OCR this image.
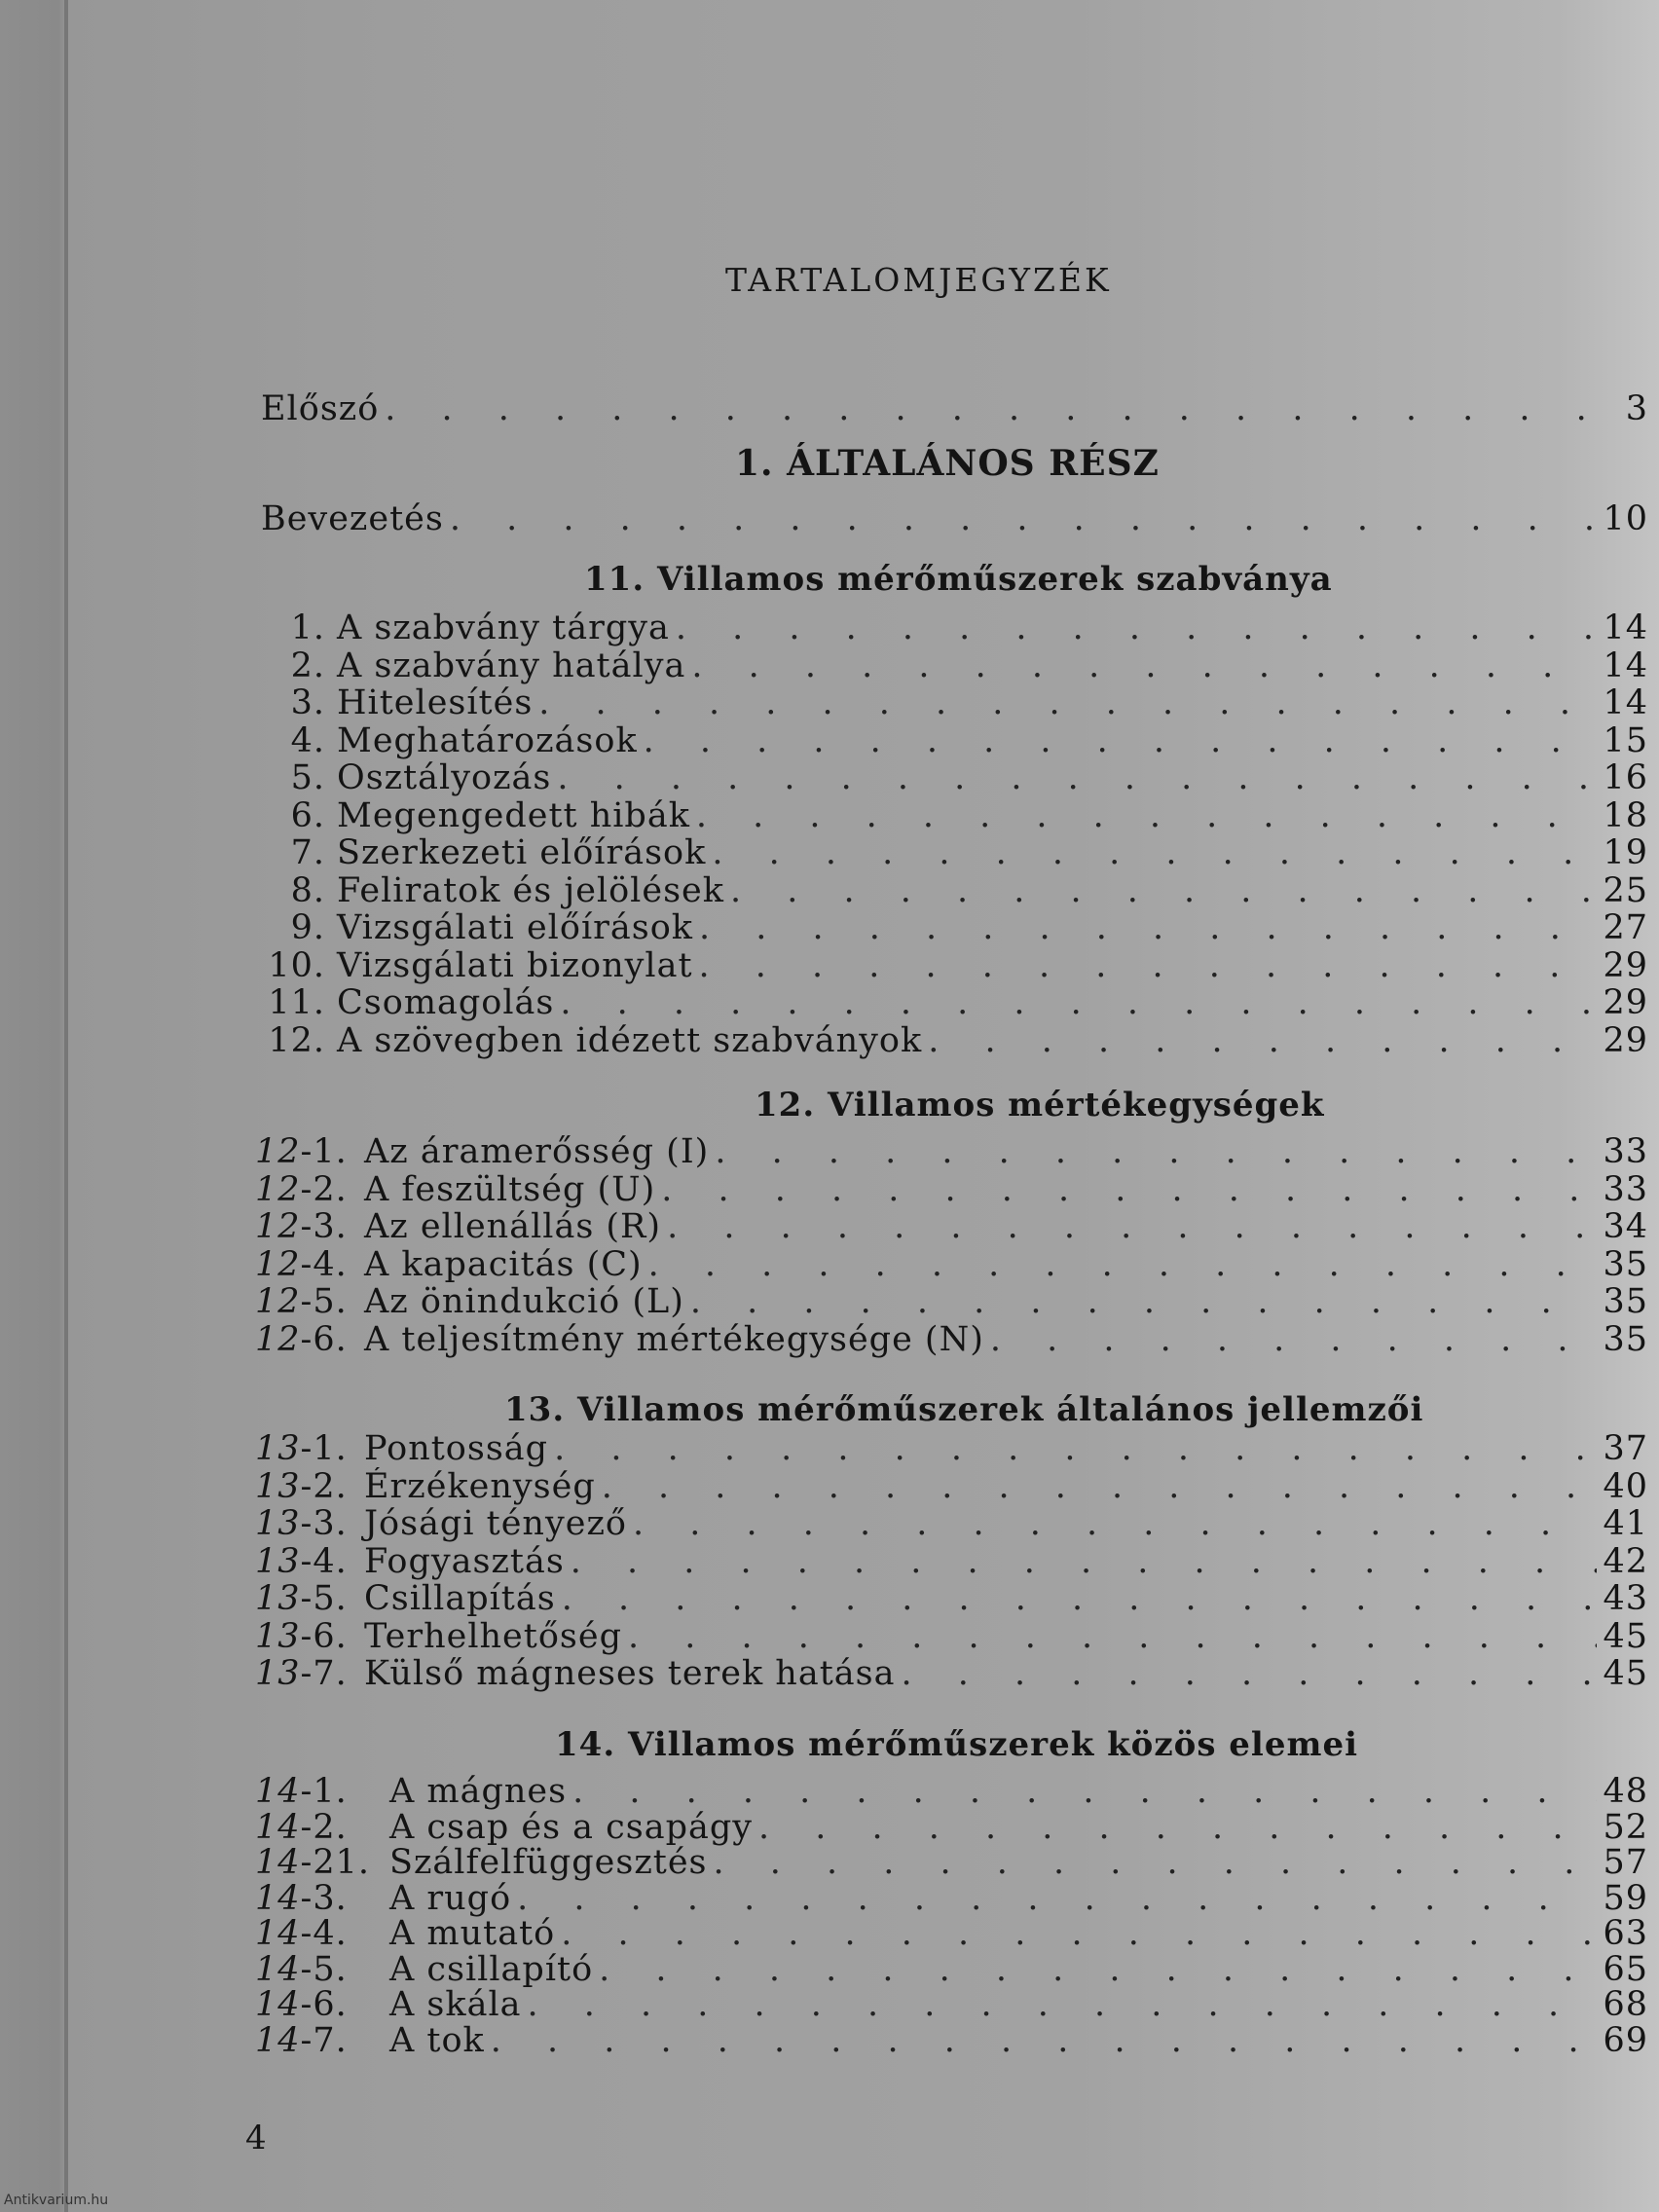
TARTALOMJEGYZÉK
Előszó . . .	3
1. ÁLTALÁNOS RÉSZ
Bevezetés . . .	10
11. Villamos mérőműszerek szabványa
1. A szabvány tárgya . . .	14
2. A szabvány hatálya . . .	14
3. Hitelesítés . . .	14
4. Meghatározások . . .	15
5. Osztályozás . . .	16
6. Megengedett hibák . . .	18
7. Szerkezeti előírások . . .	19
8. Feliratok és jelölések . . .	25
9. Vizsgálati előírások . . .	27
10. Vizsgálati bizonylat . . .	29
11. Csomagolás . . .	29
12. A szövegben idézett szabványok . . .	29
12. Villamos mértékegységek
12-1. Az áramerősség (I) . . .	33
12-2. A feszültség (U) . . .	33
12-3. Az ellenállás (R) . . .	34
12-4. A kapacitás (C) . . .	35
12-5. Az önindukció (L) . . .	35
12-6. A teljesítmény mértékegysége (N) . . .	35
13. Villamos mérőműszerek általános jellemzői
13-1. Pontosság . . .	37
13-2. Érzékenység . . .	40
13-3. Jósági tényező . . .	41
13-4. Fogyasztás . . .	42
13-5. Csillapítás . . .	43
13-6. Terhelhetőség . . .	45
13-7. Külső mágneses terek hatása . . .	45
14. Villamos mérőműszerek közös elemei
14-1.	A mágnes . . .	48
14-2.	A csap és a csapágy . . .	52
14-21. Szálfelfüggesztés . . .	57
14-3.	A rugó . . .	59
14-4.	A mutató . . .	63
14-5.	A csillapító . . .	65
14-6.	A skála . . .	68
14-7.	A tok . . .	69
4
Antikvarium.hu
